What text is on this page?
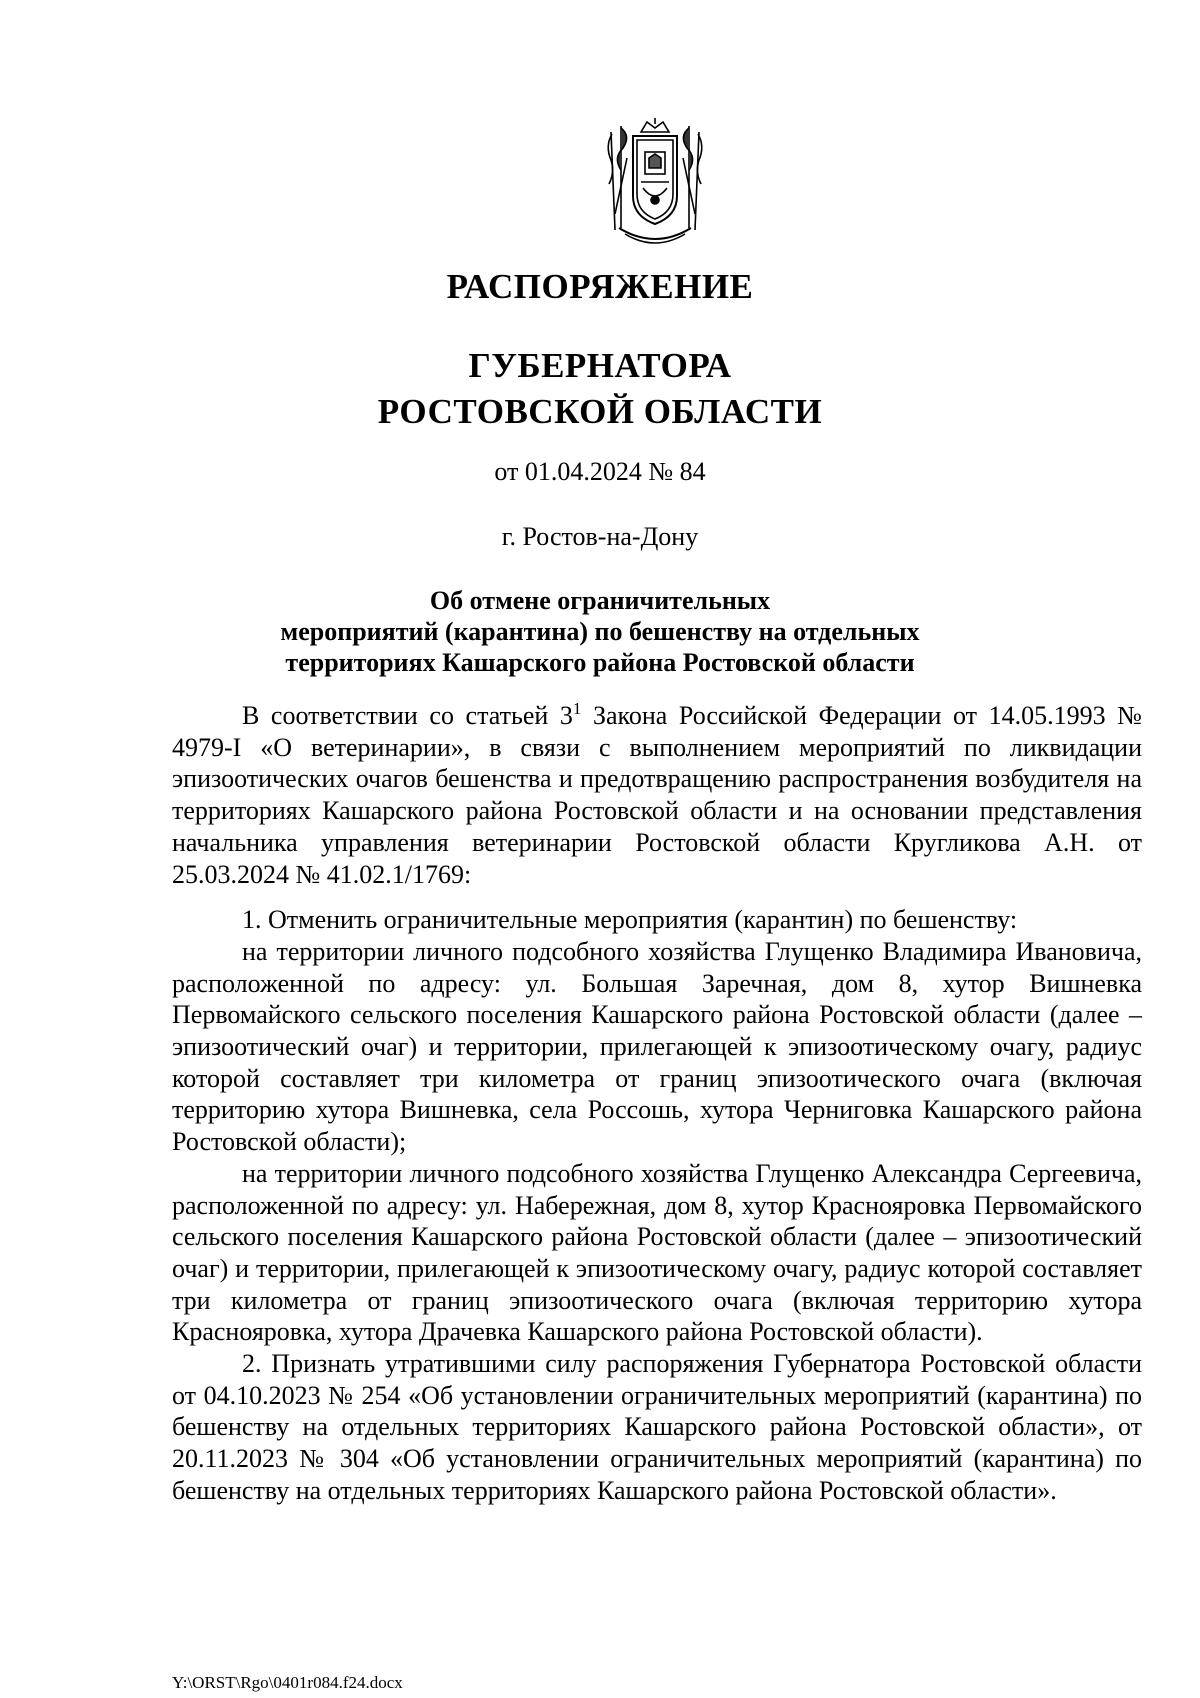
РАСПОРЯЖЕНИЕ
ГУБЕРНАТОРА
РОСТОВСКОЙ ОБЛАСТИ

от 01.04.2024 № 84

г. Ростов-на-Дону

Об отмене ограничительных
мероприятий (карантина) по бешенству на отдельных
территориях Кашарского района Ростовской области

В соответствии со статьей $3^1$ Закона Российской Федерации от 14.05.1993 № 4979-I «О ветеринарии», в связи с выполнением мероприятий по ликвидации эпизоотических очагов бешенства и предотвращению распространения возбудителя на территориях Кашарского района Ростовской области и на основании представления начальника управления ветеринарии Ростовской области Кругликова А.Н. от 25.03.2024 № 41.02.1/1769:

1. Отменить ограничительные мероприятия (карантин) по бешенству:

на территории личного подсобного хозяйства Глущенко Владимира Ивановича, расположенной по адресу: ул. Большая Заречная, дом 8, хутор Вишневка Первомайского сельского поселения Кашарского района Ростовской области (далее – эпизоотический очаг) и территории, прилегающей к эпизоотическому очагу, радиус которой составляет три километра от границ эпизоотического очага (включая территорию хутора Вишневка, села Россошь, хутора Черниговка Кашарского района Ростовской области);

на территории личного подсобного хозяйства Глущенко Александра Сергеевича, расположенной по адресу: ул. Набережная, дом 8, хутор Краснояровка Первомайского сельского поселения Кашарского района Ростовской области (далее – эпизоотический очаг) и территории, прилегающей к эпизоотическому очагу, радиус которой составляет три километра от границ эпизоотического очага (включая территорию хутора Краснояровка, хутора Драчевка Кашарского района Ростовской области).

2. Признать утратившими силу распоряжения Губернатора Ростовской области от 04.10.2023 № 254 «Об установлении ограничительных мероприятий (карантина) по бешенству на отдельных территориях Кашарского района Ростовской области», от 20.11.2023 № 304 «Об установлении ограничительных мероприятий (карантина) по бешенству на отдельных территориях Кашарского района Ростовской области».

Y:\ORST\Rgo\0401r084.f24.docx
